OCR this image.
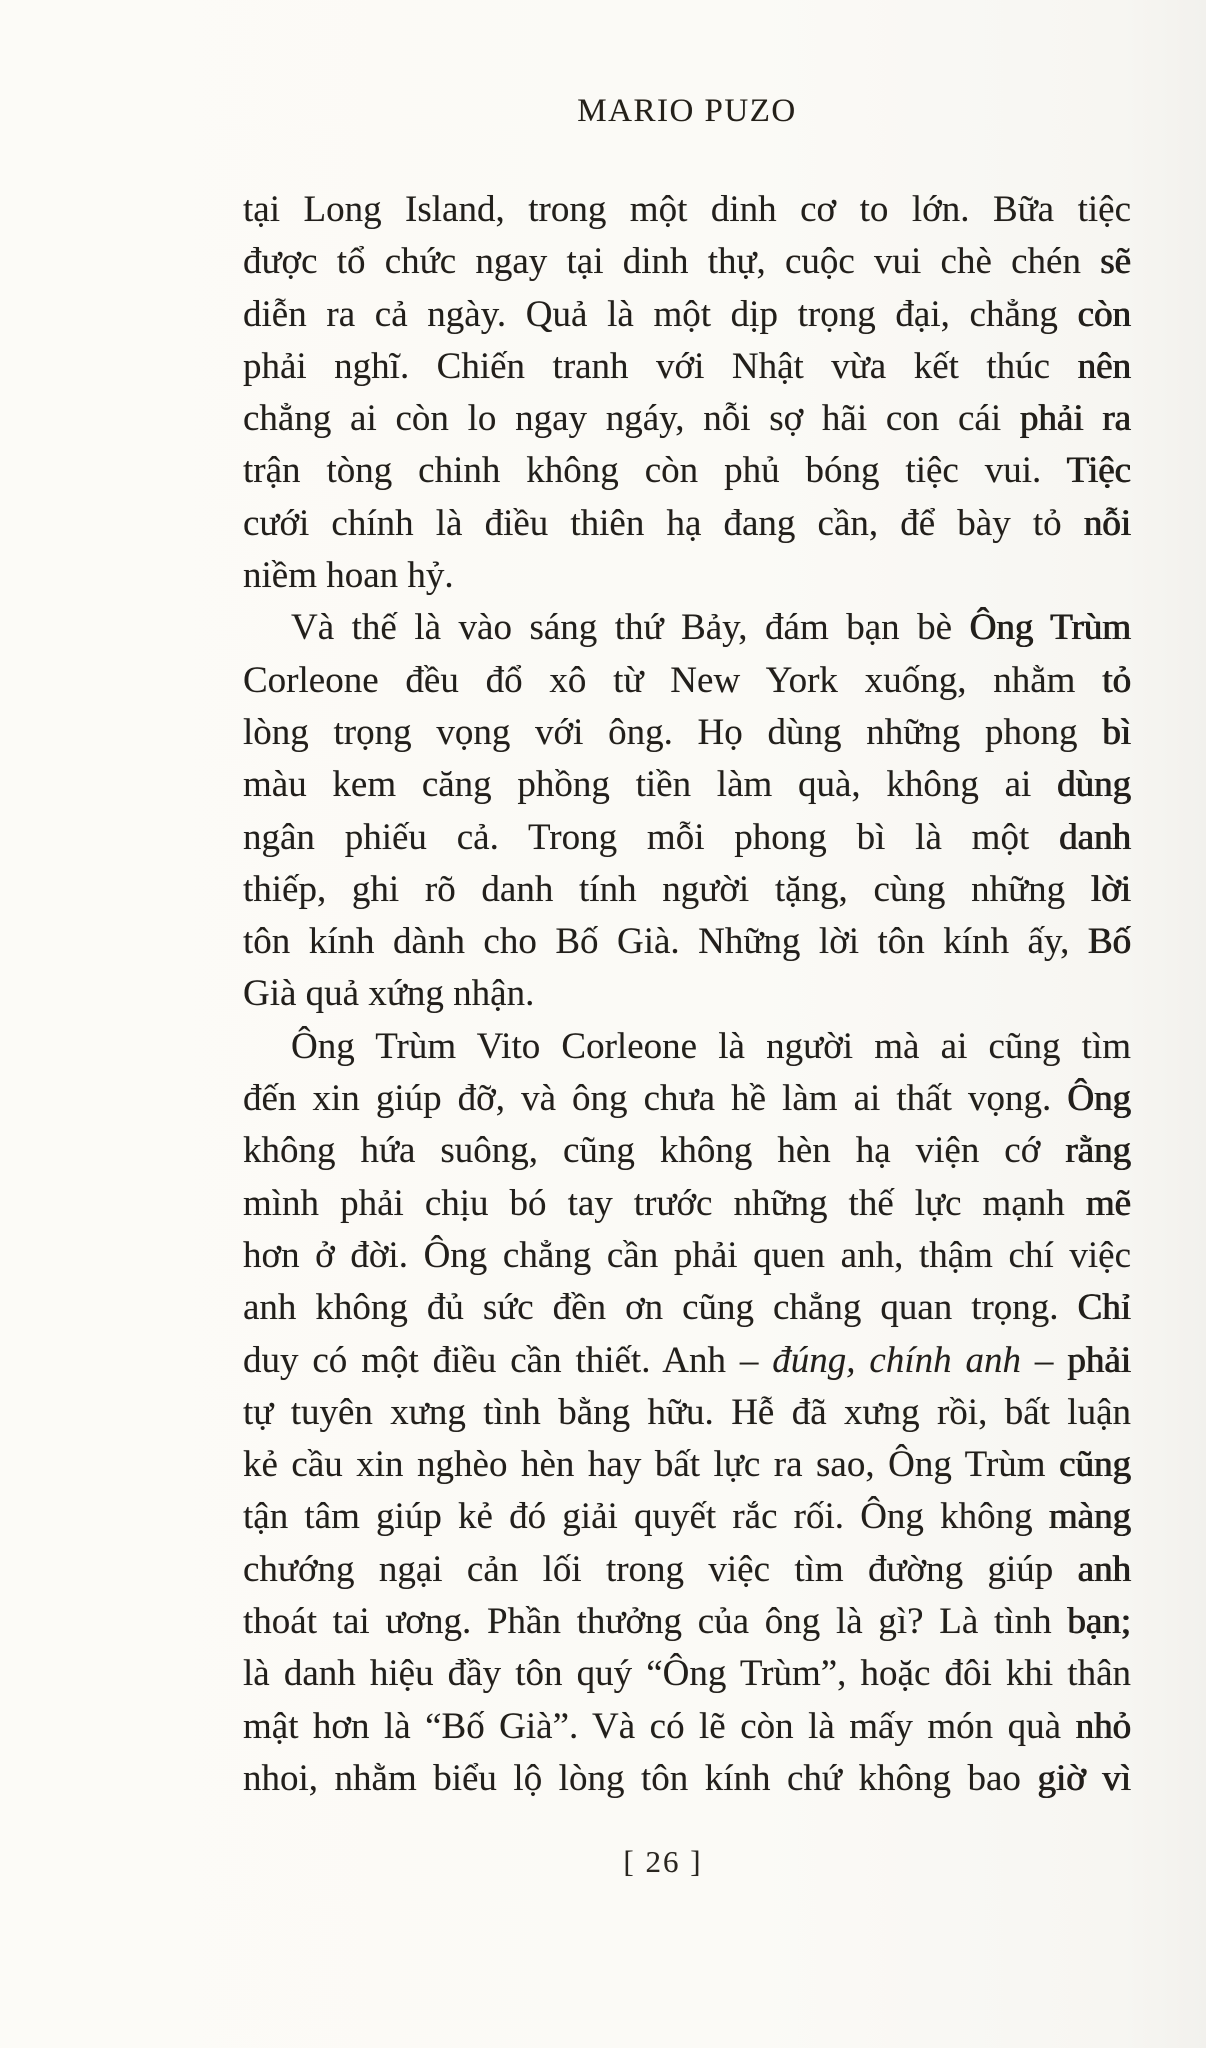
MARIO PUZO
tại Long Island, trong một dinh cơ to lớn. Bữa tiệc
được tổ chức ngay tại dinh thự, cuộc vui chè chén sẽ
diễn ra cả ngày. Quả là một dịp trọng đại, chẳng còn
phải nghĩ. Chiến tranh với Nhật vừa kết thúc nên
chẳng ai còn lo ngay ngáy, nỗi sợ hãi con cái phải ra
trận tòng chinh không còn phủ bóng tiệc vui. Tiệc
cưới chính là điều thiên hạ đang cần, để bày tỏ nỗi
niềm hoan hỷ.
Và thế là vào sáng thứ Bảy, đám bạn bè Ông Trùm
Corleone đều đổ xô từ New York xuống, nhằm tỏ
lòng trọng vọng với ông. Họ dùng những phong bì
màu kem căng phồng tiền làm quà, không ai dùng
ngân phiếu cả. Trong mỗi phong bì là một danh
thiếp, ghi rõ danh tính người tặng, cùng những lời
tôn kính dành cho Bố Già. Những lời tôn kính ấy, Bố
Già quả xứng nhận.
Ông Trùm Vito Corleone là người mà ai cũng tìm
đến xin giúp đỡ, và ông chưa hề làm ai thất vọng. Ông
không hứa suông, cũng không hèn hạ viện cớ rằng
mình phải chịu bó tay trước những thế lực mạnh mẽ
hơn ở đời. Ông chẳng cần phải quen anh, thậm chí việc
anh không đủ sức đền ơn cũng chẳng quan trọng. Chỉ
duy có một điều cần thiết. Anh – đúng, chính anh – phải
tự tuyên xưng tình bằng hữu. Hễ đã xưng rồi, bất luận
kẻ cầu xin nghèo hèn hay bất lực ra sao, Ông Trùm cũng
tận tâm giúp kẻ đó giải quyết rắc rối. Ông không màng
chướng ngại cản lối trong việc tìm đường giúp anh
thoát tai ương. Phần thưởng của ông là gì? Là tình bạn;
là danh hiệu đầy tôn quý “Ông Trùm”, hoặc đôi khi thân
mật hơn là “Bố Già”. Và có lẽ còn là mấy món quà nhỏ
nhoi, nhằm biểu lộ lòng tôn kính chứ không bao giờ vì
[ 26 ]
